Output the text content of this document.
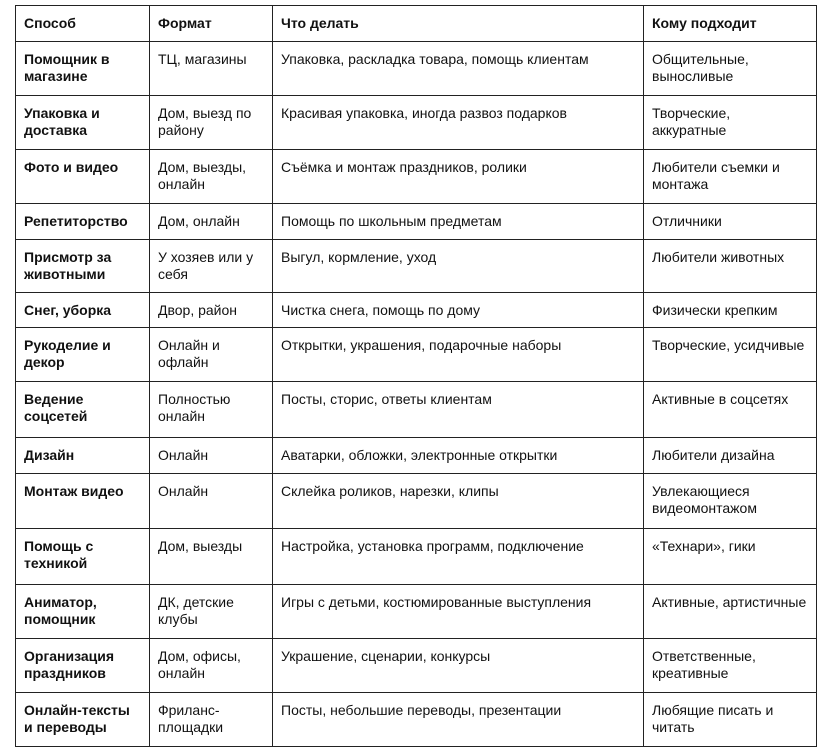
Способ	Формат	Что делать	Кому подходит
Помощник в магазине	ТЦ, магазины	Упаковка, раскладка товара, помощь клиентам	Общительные, выносливые
Упаковка и доставка	Дом, выезд по району	Красивая упаковка, иногда развоз подарков	Творческие, аккуратные
Фото и видео	Дом, выезды, онлайн	Съёмка и монтаж праздников, ролики	Любители съемки и монтажа
Репетиторство	Дом, онлайн	Помощь по школьным предметам	Отличники
Присмотр за животными	У хозяев или у себя	Выгул, кормление, уход	Любители животных
Снег, уборка	Двор, район	Чистка снега, помощь по дому	Физически крепким
Рукоделие и декор	Онлайн и офлайн	Открытки, украшения, подарочные наборы	Творческие, усидчивые
Ведение соцсетей	Полностью онлайн	Посты, сторис, ответы клиентам	Активные в соцсетях
Дизайн	Онлайн	Аватарки, обложки, электронные открытки	Любители дизайна
Монтаж видео	Онлайн	Склейка роликов, нарезки, клипы	Увлекающиеся видеомонтажом
Помощь с техникой	Дом, выезды	Настройка, установка программ, подключение	«Технари», гики
Аниматор, помощник	ДК, детские клубы	Игры с детьми, костюмированные выступления	Активные, артистичные
Организация праздников	Дом, офисы, онлайн	Украшение, сценарии, конкурсы	Ответственные, креативные
Онлайн-тексты и переводы	Фриланс-площадки	Посты, небольшие переводы, презентации	Любящие писать и читать
